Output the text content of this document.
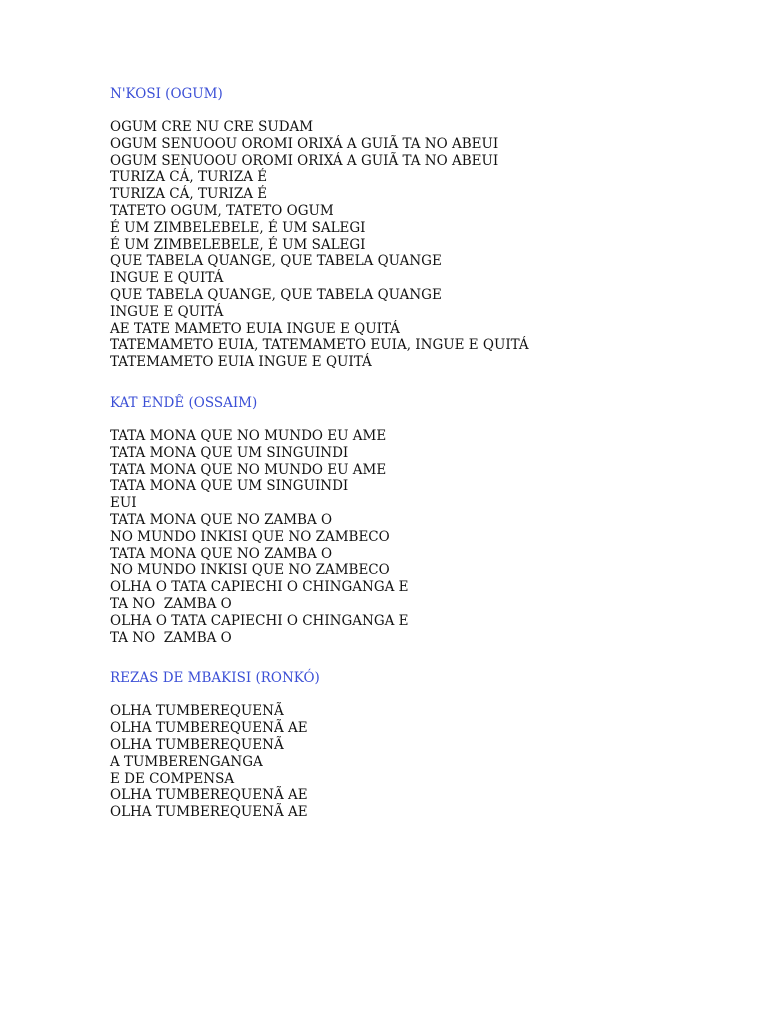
N'KOSI (OGUM)
OGUM CRE NU CRE SUDAM
OGUM SENUOOU OROMI ORIXÁ A GUIÃ TA NO ABEUI
OGUM SENUOOU OROMI ORIXÁ A GUIÃ TA NO ABEUI
TURIZA CÁ, TURIZA É
TURIZA CÁ, TURIZA É
TATETO OGUM, TATETO OGUM
É UM ZIMBELEBELE, É UM SALEGI
É UM ZIMBELEBELE, É UM SALEGI
QUE TABELA QUANGE, QUE TABELA QUANGE
INGUE E QUITÁ
QUE TABELA QUANGE, QUE TABELA QUANGE
INGUE E QUITÁ
AE TATE MAMETO EUIA INGUE E QUITÁ
TATEMAMETO EUIA, TATEMAMETO EUIA, INGUE E QUITÁ
TATEMAMETO EUIA INGUE E QUITÁ
KAT ENDÊ (OSSAIM)
TATA MONA QUE NO MUNDO EU AME
TATA MONA QUE UM SINGUINDI
TATA MONA QUE NO MUNDO EU AME
TATA MONA QUE UM SINGUINDI
EUI
TATA MONA QUE NO ZAMBA O
NO MUNDO INKISI QUE NO ZAMBECO
TATA MONA QUE NO ZAMBA O
NO MUNDO INKISI QUE NO ZAMBECO
OLHA O TATA CAPIECHI O CHINGANGA E
TA NO  ZAMBA O
OLHA O TATA CAPIECHI O CHINGANGA E
TA NO  ZAMBA O
REZAS DE MBAKISI (RONKÓ)
OLHA TUMBEREQUENÃ
OLHA TUMBEREQUENÃ AE
OLHA TUMBEREQUENÃ
A TUMBERENGANGA
E DE COMPENSA
OLHA TUMBEREQUENÃ AE
OLHA TUMBEREQUENÃ AE
